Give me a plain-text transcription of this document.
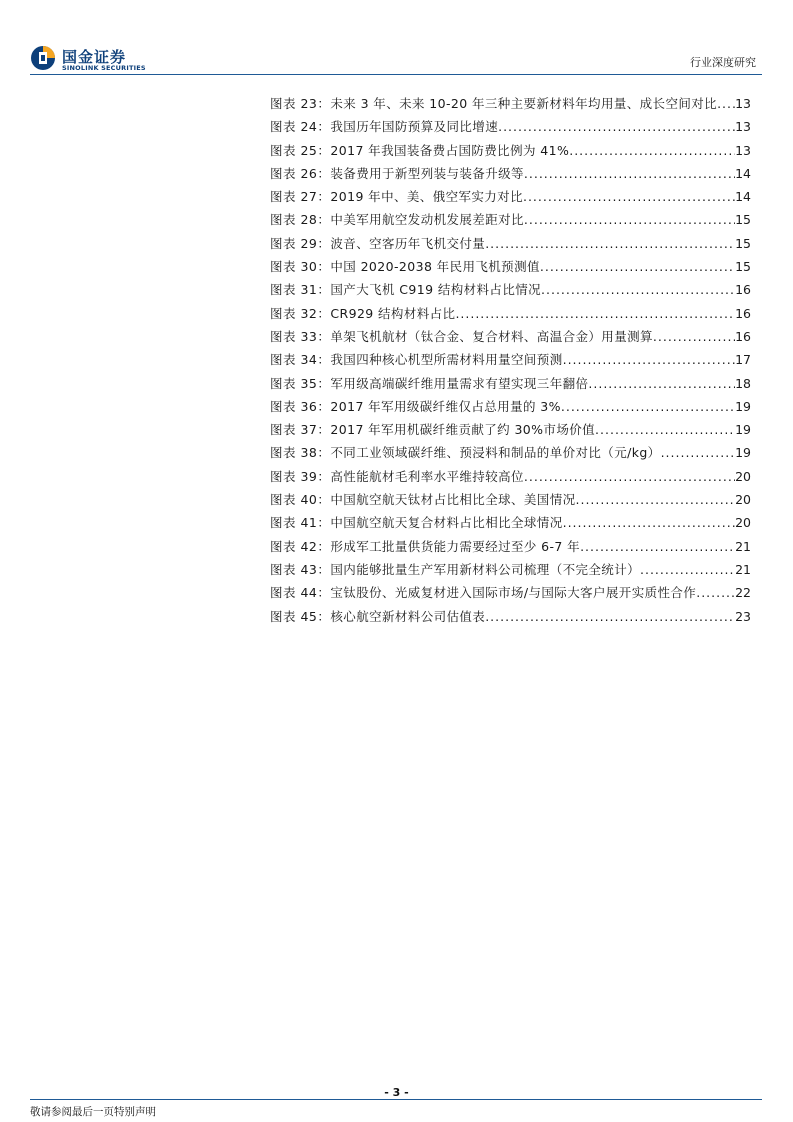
国金证券
SINOLINK SECURITIES	行业深度研究
图表 23： 未来 3 年、未来 10-20 年三种主要新材料年均用量、成长空间对比 ..... 13
图表 24： 我国历年国防预算及同比增速 .....	13
图表 25： 2017 年我国装备费占国防费比例为 41% .....	13
图表 26： 装备费用于新型列装与装备升级等 .....	14
图表 27： 2019 年中、美、俄空军实力对比 .....	14
图表 28： 中美军用航空发动机发展差距对比 .....	15
图表 29： 波音、空客历年飞机交付量 .....	15
图表 30： 中国 2020-2038 年民用飞机预测值 .....	15
图表 31： 国产大飞机 C919 结构材料占比情况 .....	16
图表 32： CR929 结构材料占比 .....	16
图表 33： 单架飞机航材（钛合金、复合材料、高温合金）用量测算 .....	16
图表 34： 我国四种核心机型所需材料用量空间预测 .....	17
图表 35： 军用级高端碳纤维用量需求有望实现三年翻倍 .....	18
图表 36： 2017 年军用级碳纤维仅占总用量的 3% .....	19
图表 37： 2017 年军用机碳纤维贡献了约 30%市场价值 .....	19
图表 38： 不同工业领域碳纤维、预浸料和制品的单价对比（元/kg） .....	19
图表 39： 高性能航材毛利率水平维持较高位 .....	20
图表 40： 中国航空航天钛材占比相比全球、美国情况 .....	20
图表 41： 中国航空航天复合材料占比相比全球情况 .....	20
图表 42： 形成军工批量供货能力需要经过至少 6-7 年 .....	21
图表 43： 国内能够批量生产军用新材料公司梳理（不完全统计） .....	21
图表 44： 宝钛股份、光威复材进入国际市场/与国际大客户展开实质性合作 .....	22
图表 45： 核心航空新材料公司估值表 .....	23
- 3 -
敬请参阅最后一页特别声明
